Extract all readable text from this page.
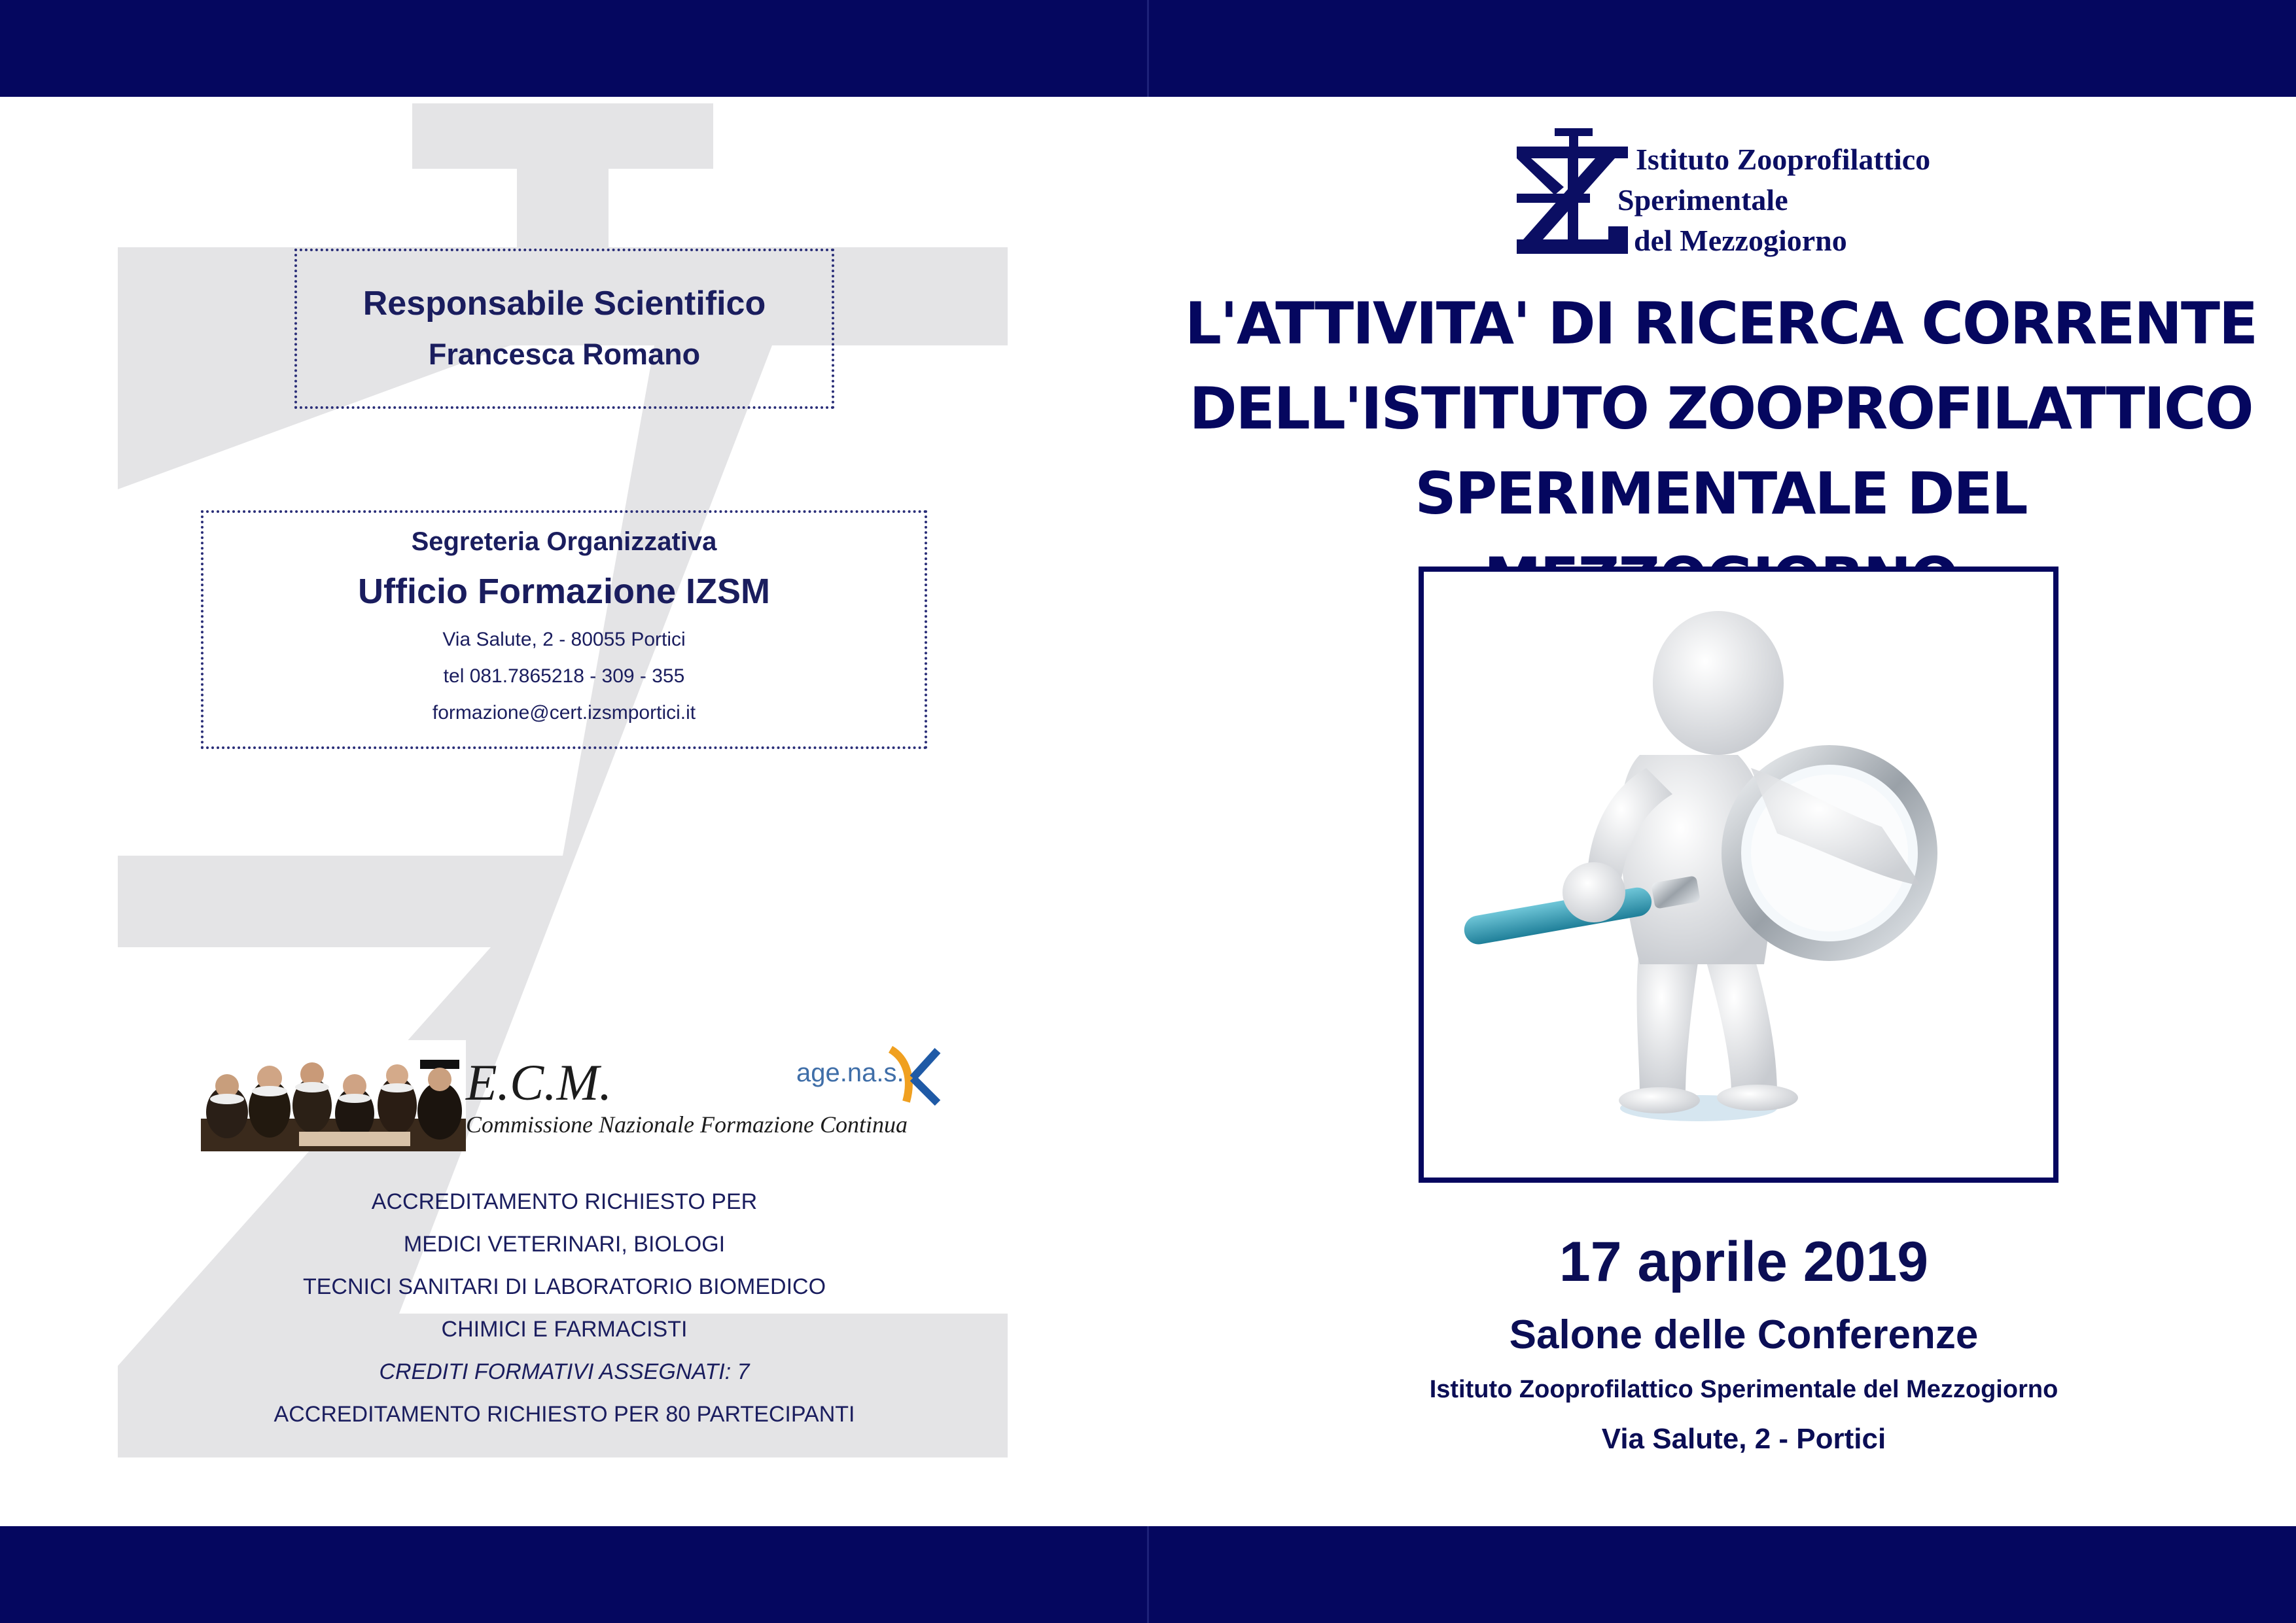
Responsabile Scientifico
Francesca Romano
Segreteria Organizzativa
Ufficio Formazione IZSM
Via Salute, 2 - 80055 Portici
tel 081.7865218 - 309 - 355
formazione@cert.izsmportici.it
E.C.M.
Commissione Nazionale Formazione Continua
age.na.s.
ACCREDITAMENTO RICHIESTO PER
MEDICI VETERINARI, BIOLOGI
TECNICI SANITARI DI LABORATORIO BIOMEDICO
CHIMICI E FARMACISTI
CREDITI FORMATIVI ASSEGNATI: 7
ACCREDITAMENTO RICHIESTO PER 80 PARTECIPANTI
Istituto Zooprofilattico
Sperimentale
del Mezzogiorno
L'ATTIVITA' DI RICERCA CORRENTE
DELL'ISTITUTO ZOOPROFILATTICO
SPERIMENTALE DEL
17 aprile 2019
Salone delle Conferenze
Istituto Zooprofilattico Sperimentale del Mezzogiorno
Via Salute, 2 - Portici
